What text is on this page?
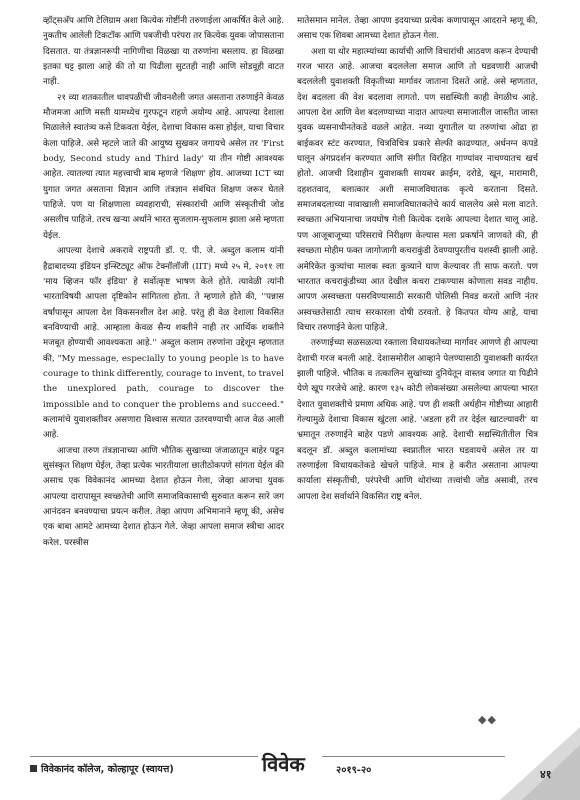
व्हॉट्सअ‍ॅप आणि टेलिग्राम अशा कित्येक गोष्टींनी तरुणाईला आकर्षित केले आहे. नुकतीच आलेली टिकटॉक आणि पबजीची परंपरा तर कित्येक युवक जोपासताना दिसतात. या तंत्रज्ञानरूपी नागिणीचा विळखा या तरुणांना बसलाय. हा विळखा इतका घट्ट झाला आहे की तो या पिढीला सुटतही नाही आणि सोडवूही वाटत नाही.

२१ व्या शतकातील धावपळीची जीवनशैली जगत असताना तरुणाईने केवळ मौजमजा आणि मस्ती यामध्येच गुरफटून राहणे अयोग्य आहे. आपल्या देशाला मिळालेले स्वातंत्र्य कसे टिकवता येईल, देशाचा विकास कसा होईल, याचा विचार केला पाहिजे. असे म्हटले जाते की आयुष्य सुखकर जगायचे असेल तर 'First body, Second study and Third lady' या तीन गोष्टी आवश्यक आहेत. त्यातल्या त्यात महत्त्वाची बाब म्हणजे 'शिक्षण' होय. आजच्या ICT च्या युगात जगत असताना विज्ञान आणि तंत्रज्ञान संबंधित शिक्षण जरूर घेतले पाहिजे. पण या शिक्षणाला व्यवहाराची, संस्कारांची आणि संस्कृतीची जोड असलीच पाहिजे. तरच खऱ्या अर्थाने भारत सुजलाम-सुफलाम झाला असे म्हणता येईल.

आपल्या देशाचे अकरावे राष्ट्रपती डॉ. ए. पी. जे. अब्दुल कलाम यांनी हैद्राबादच्या इंडियन इन्स्टिट्यूट ऑफ टेक्नॉलॉजी (IIT) मध्ये २५ मे, २०११ ला 'माय व्हिजन फॉर इंडिया' हे सर्वोत्कृष्ट भाषण केले होते. त्यावेळी त्यांनी भारताविषयी आपला दृष्टिकोन सांगितला होता. ते म्हणाले होते की, ''पन्नास वर्षांपासून आपला देश विकसनशील देश आहे. परंतु ही वेळ देशाला विकसित बनविण्याची आहे. आम्हाला केवळ सैन्य शक्तीने नाही तर आर्थिक शक्तीने मजबूत होण्याची आवश्यकता आहे.'' अब्दुल कलाम तरुणांना उद्देशून म्हणतात की, "My message, especially to young people is to have courage to think differently, courage to invent, to travel the unexplored path, courage to discover the impossible and to conquer the problems and succeed." कलामांचे युवाशक्तीवर असणारा विश्वास सत्यात उतरवण्याची आज वेळ आली आहे.

आजचा तरुण तंत्रज्ञानाच्या आणि भौतिक सुखाच्या जंजाळातून बाहेर पडून सुसंस्कृत शिक्षण घेईल, तेव्हा प्रत्येक भारतीयाला छातीठोकपणे सांगता येईल की असाच एक विवेकानंद आमच्या देशात होऊन गेला, जेव्हा आजचा युवक आपल्या दारापासून स्वच्छतेची आणि समाजविकासाची सुरुवात करून सारे जग आनंदवन बनवण्याचा प्रयत्न करील. तेव्हा आपण अभिमानाने म्हणू की, असेच एक बाबा आमटे आमच्या देशात होऊन गेले. जेव्हा आपला समाज स्त्रीचा आदर करेल. परस्त्रीस

मातेसमान मानेल. तेव्हा आपण इदयाच्या प्रत्येक कणापासून आदराने म्हणू की, असाच एक शिवबा आमच्या देशात होऊन गेला.

अशा या थोर महात्म्यांच्या कार्याची आणि विचारांची आठवण करून देण्याची गरज भारत आहे. आजचा बदललेला समाज आणि तो घडवणारी आजची बदललेली युवाशक्ती विकृतीच्या मार्गावर जाताना दिसते आहे. असे म्हणतात, देश बदलला की वेश बदलावा लागतो. पण सद्यस्थिती काही वेगळीच आहे. आपला देश आणि वेश बदलण्याच्या नादात आपल्या समाजातील जास्तीत जास्त युवक व्यसनाधीनतेकडे वळले आहेत. नव्या युगातील या तरुणांचा ओढा हा बाईकवर स्टंट करण्यात, चित्रविचित्र प्रकारे सेल्फी काढण्यात, अर्धनग्न कपडे घालून अंगप्रदर्शन करण्यात आणि संगीत विरहित गाण्यांवर नाचण्यातच खर्च होतो. आजची दिशाहीन युवाशक्ती सायबर क्राईम, दरोडे, खून, मारामारी, दहशतवाद, बलात्कार अशी समाजविघातक कृत्ये करताना दिसते. समाजबदलाच्या नावाखाली समाजविघातकतेचे कार्य चाललेय असे मला वाटते. स्वच्छता अभियानाचा जयघोष गेली कित्येक दशके आपल्या देशात चालू आहे. पण आजूबाजूच्या परिसराचे निरीक्षण केल्यास मला प्रकर्षाने जाणवते की, ही स्वच्छता मोहीम फक्त जागोजागी कचराकुंडी ठेवण्यापुरतीच यशस्वी झाली आहे. अमेरिकेत कुत्र्यांचा मालक स्वतः कुत्र्याने घाण केल्यावर ती साफ करतो. पण भारतात कचराकुंडीच्या आत देखील कचरा टाकण्यास कोणाला सवड नाहीय. आपण अस्वच्छता पसरविण्यासाठी सरकारी पोलिसी निवड करतो आणि नंतर अस्वच्छतेसाठी त्याच सरकारला दोषी ठरवतो. हे कितपत योग्य आहे, याचा विचार तरुणाईने केला पाहिजे.

तरुणाईच्या सळसळत्या रक्ताला विधायकतेच्या मार्गावर आणणे ही आपल्या देशाची गरज बनली आहे. देशासमोरील आव्हाने पेलण्यासाठी युवाशक्ती कार्यरत झाली पाहिजे. भौतिक व तत्कालिन सुखांच्या दुनियेतून वास्तव जगात या पिढीने येणे खूप गरजेचे आहे. कारण १३५ कोटी लोकसंख्या असलेल्या आपल्या भारत देशात युवाशक्तीचे प्रमाण अधिक आहे. पण ही शक्ती अर्धहीन गोष्टीच्या आहारी गेल्यामुळे देशाचा विकास खुंटला आहे. 'अडला हरी तर देईल खाटल्यावरी' या भ्रमातून तरुणाईने बाहेर पडणे आवश्यक आहे. देशाची सद्यस्थितीतील चित्र बदलून डॉ. अब्दुल कलामांच्या स्वप्नातील भारत घडवायचे असेल तर या तरुणाईला विधायकतेकडे खेचले पाहिजे. मात्र हे करीत असताना आपल्या कार्याला संस्कृतीची, परंपरेची आणि थोरांच्या तत्त्वांची जोड असावी, तरच आपला देश सर्वार्थाने विकसित राष्ट्र बनेल.

◆◆
विवेकानंद कॉलेज, कोल्हापूर (स्वायत्त)	विवेक	२०१९-२०	४१
